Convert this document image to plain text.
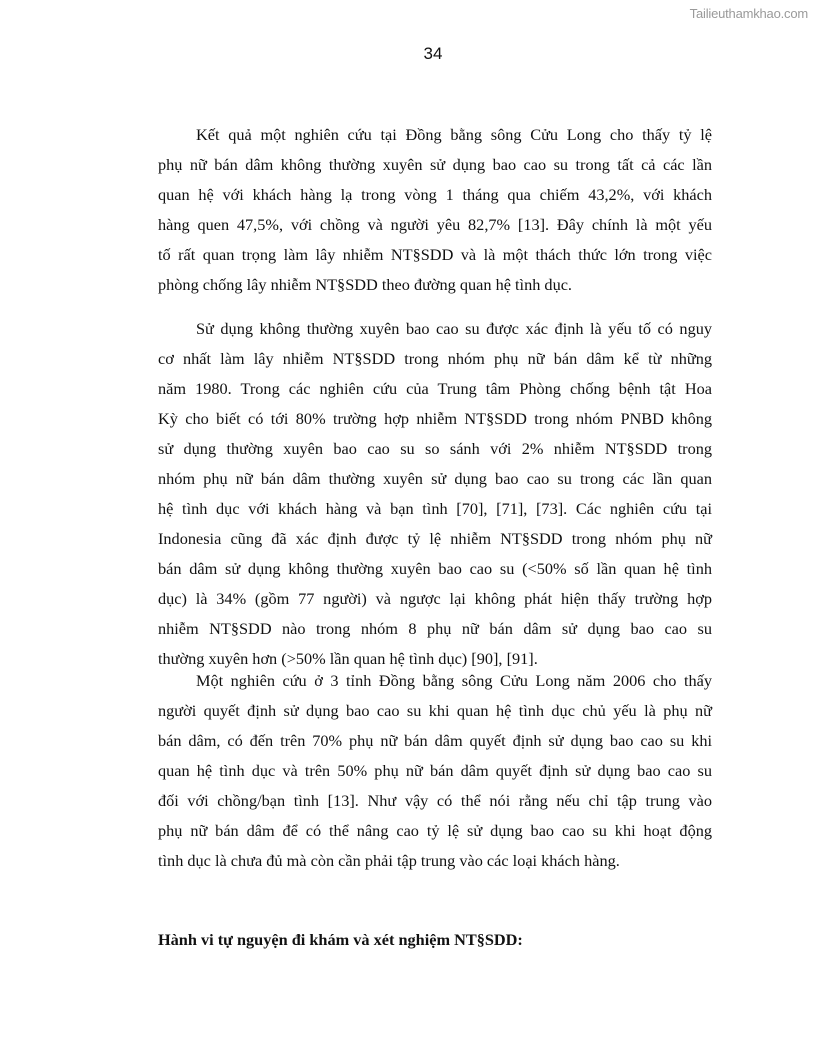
Tailieuthamkhao.com
34
Kết quả một nghiên cứu tại Đồng bằng sông Cửu Long cho thấy tỷ lệ
phụ nữ bán dâm không thường xuyên sử dụng bao cao su trong tất cả các lần
quan hệ với khách hàng lạ trong vòng 1 tháng qua chiếm 43,2%, với khách
hàng quen 47,5%, với chồng và người yêu 82,7% [13]. Đây chính là một yếu
tố rất quan trọng làm lây nhiễm NT§SDD và là một thách thức lớn trong việc
phòng chống lây nhiễm NT§SDD theo đường quan hệ tình dục.
Sử dụng không thường xuyên bao cao su được xác định là yếu tố có nguy
cơ nhất làm lây nhiễm NT§SDD trong nhóm phụ nữ bán dâm kể từ những
năm 1980. Trong các nghiên cứu của Trung tâm Phòng chống bệnh tật Hoa
Kỳ cho biết có tới 80% trường hợp nhiễm NT§SDD trong nhóm PNBD không
sử dụng thường xuyên bao cao su so sánh với 2% nhiễm NT§SDD trong
nhóm phụ nữ bán dâm thường xuyên sử dụng bao cao su trong các lần quan
hệ tình dục với khách hàng và bạn tình [70], [71], [73]. Các nghiên cứu tại
Indonesia cũng đã xác định được tỷ lệ nhiễm NT§SDD trong nhóm phụ nữ
bán dâm sử dụng không thường xuyên bao cao su (<50% số lần quan hệ tình
dục) là 34% (gồm 77 người) và ngược lại không phát hiện thấy trường hợp
nhiễm NT§SDD nào trong nhóm 8 phụ nữ bán dâm sử dụng bao cao su
thường xuyên hơn (>50% lần quan hệ tình dục) [90], [91].
Một nghiên cứu ở 3 tỉnh Đồng bằng sông Cửu Long năm 2006 cho thấy
người quyết định sử dụng bao cao su khi quan hệ tình dục chủ yếu là phụ nữ
bán dâm, có đến trên 70% phụ nữ bán dâm quyết định sử dụng bao cao su khi
quan hệ tình dục và trên 50% phụ nữ bán dâm quyết định sử dụng bao cao su
đối với chồng/bạn tình [13]. Như vậy có thể nói rằng nếu chỉ tập trung vào
phụ nữ bán dâm để có thể nâng cao tỷ lệ sử dụng bao cao su khi hoạt động
tình dục là chưa đủ mà còn cần phải tập trung vào các loại khách hàng.
Hành vi tự nguyện đi khám và xét nghiệm NT§SDD:
